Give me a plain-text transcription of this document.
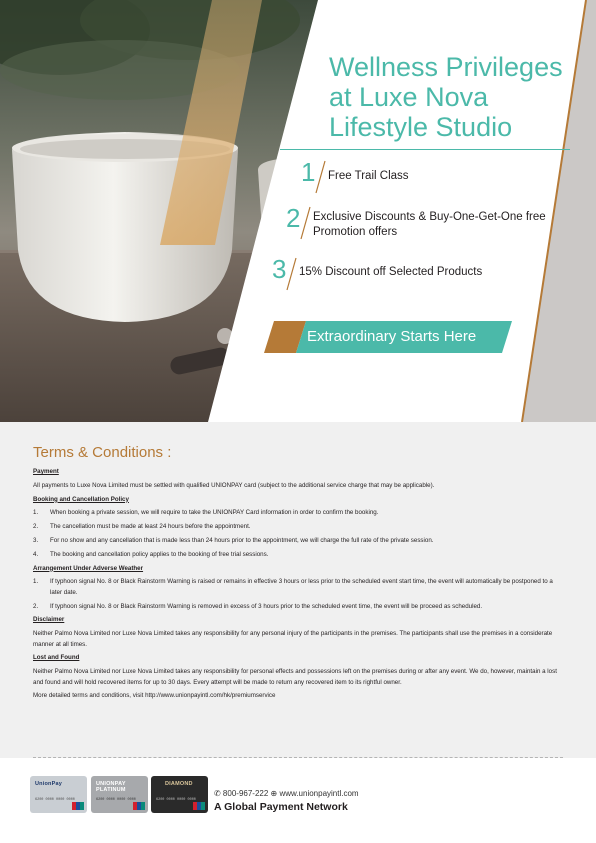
Wellness Privileges
at Luxe Nova
Lifestyle Studio
1 Free Trail Class
2 Exclusive Discounts & Buy-One-Get-One free Promotion offers
3 15% Discount off Selected Products
Extraordinary Starts Here
Terms & Conditions :

Payment

All payments to Luxe Nova Limited must be settled with qualified UNIONPAY card (subject to the additional service charge that may be applicable).

Booking and Cancellation Policy

1.	When booking a private session, we will require to take the UNIONPAY Card information in order to confirm the booking.

2.	The cancellation must be made at least 24 hours before the appointment.

3.	For no show and any cancellation that is made less than 24 hours prior to the appointment, we will charge the full rate of the private session.

4.	The booking and cancellation policy applies to the booking of free trial sessions.

Arrangement Under Adverse Weather

1.	If typhoon signal No. 8 or Black Rainstorm Warning is raised or remains in effective 3 hours or less prior to the scheduled event start time, the event will automatically be postponed to a later date.

2.	If typhoon signal No. 8 or Black Rainstorm Warning is removed in excess of 3 hours prior to the scheduled event time, the event will be proceed as scheduled.

Disclaimer

Neither Palmo Nova Limited nor Luxe Nova Limited takes any responsibility for any personal injury of the participants in the premises. The participants shall use the premises in a considerate manner at all times.

Lost and Found

Neither Palmo Nova Limited nor Luxe Nova Limited takes any responsibility for personal effects and possessions left on the premises during or after any event. We do, however, maintain a lost and found and will hold recovered items for up to 30 days. Every attempt will be made to return any recovered item to its rightful owner.

More detailed terms and conditions, visit http://www.unionpayintl.com/hk/premiumservice

UnionPay
6200 0000 0000 0000
UNIONPAY PLATINUM
6200 0000 0000 0000
DIAMOND
6200 0000 0000 0000
✆ 800-967-222 ⊕ www.unionpayintl.com
A Global Payment Network
